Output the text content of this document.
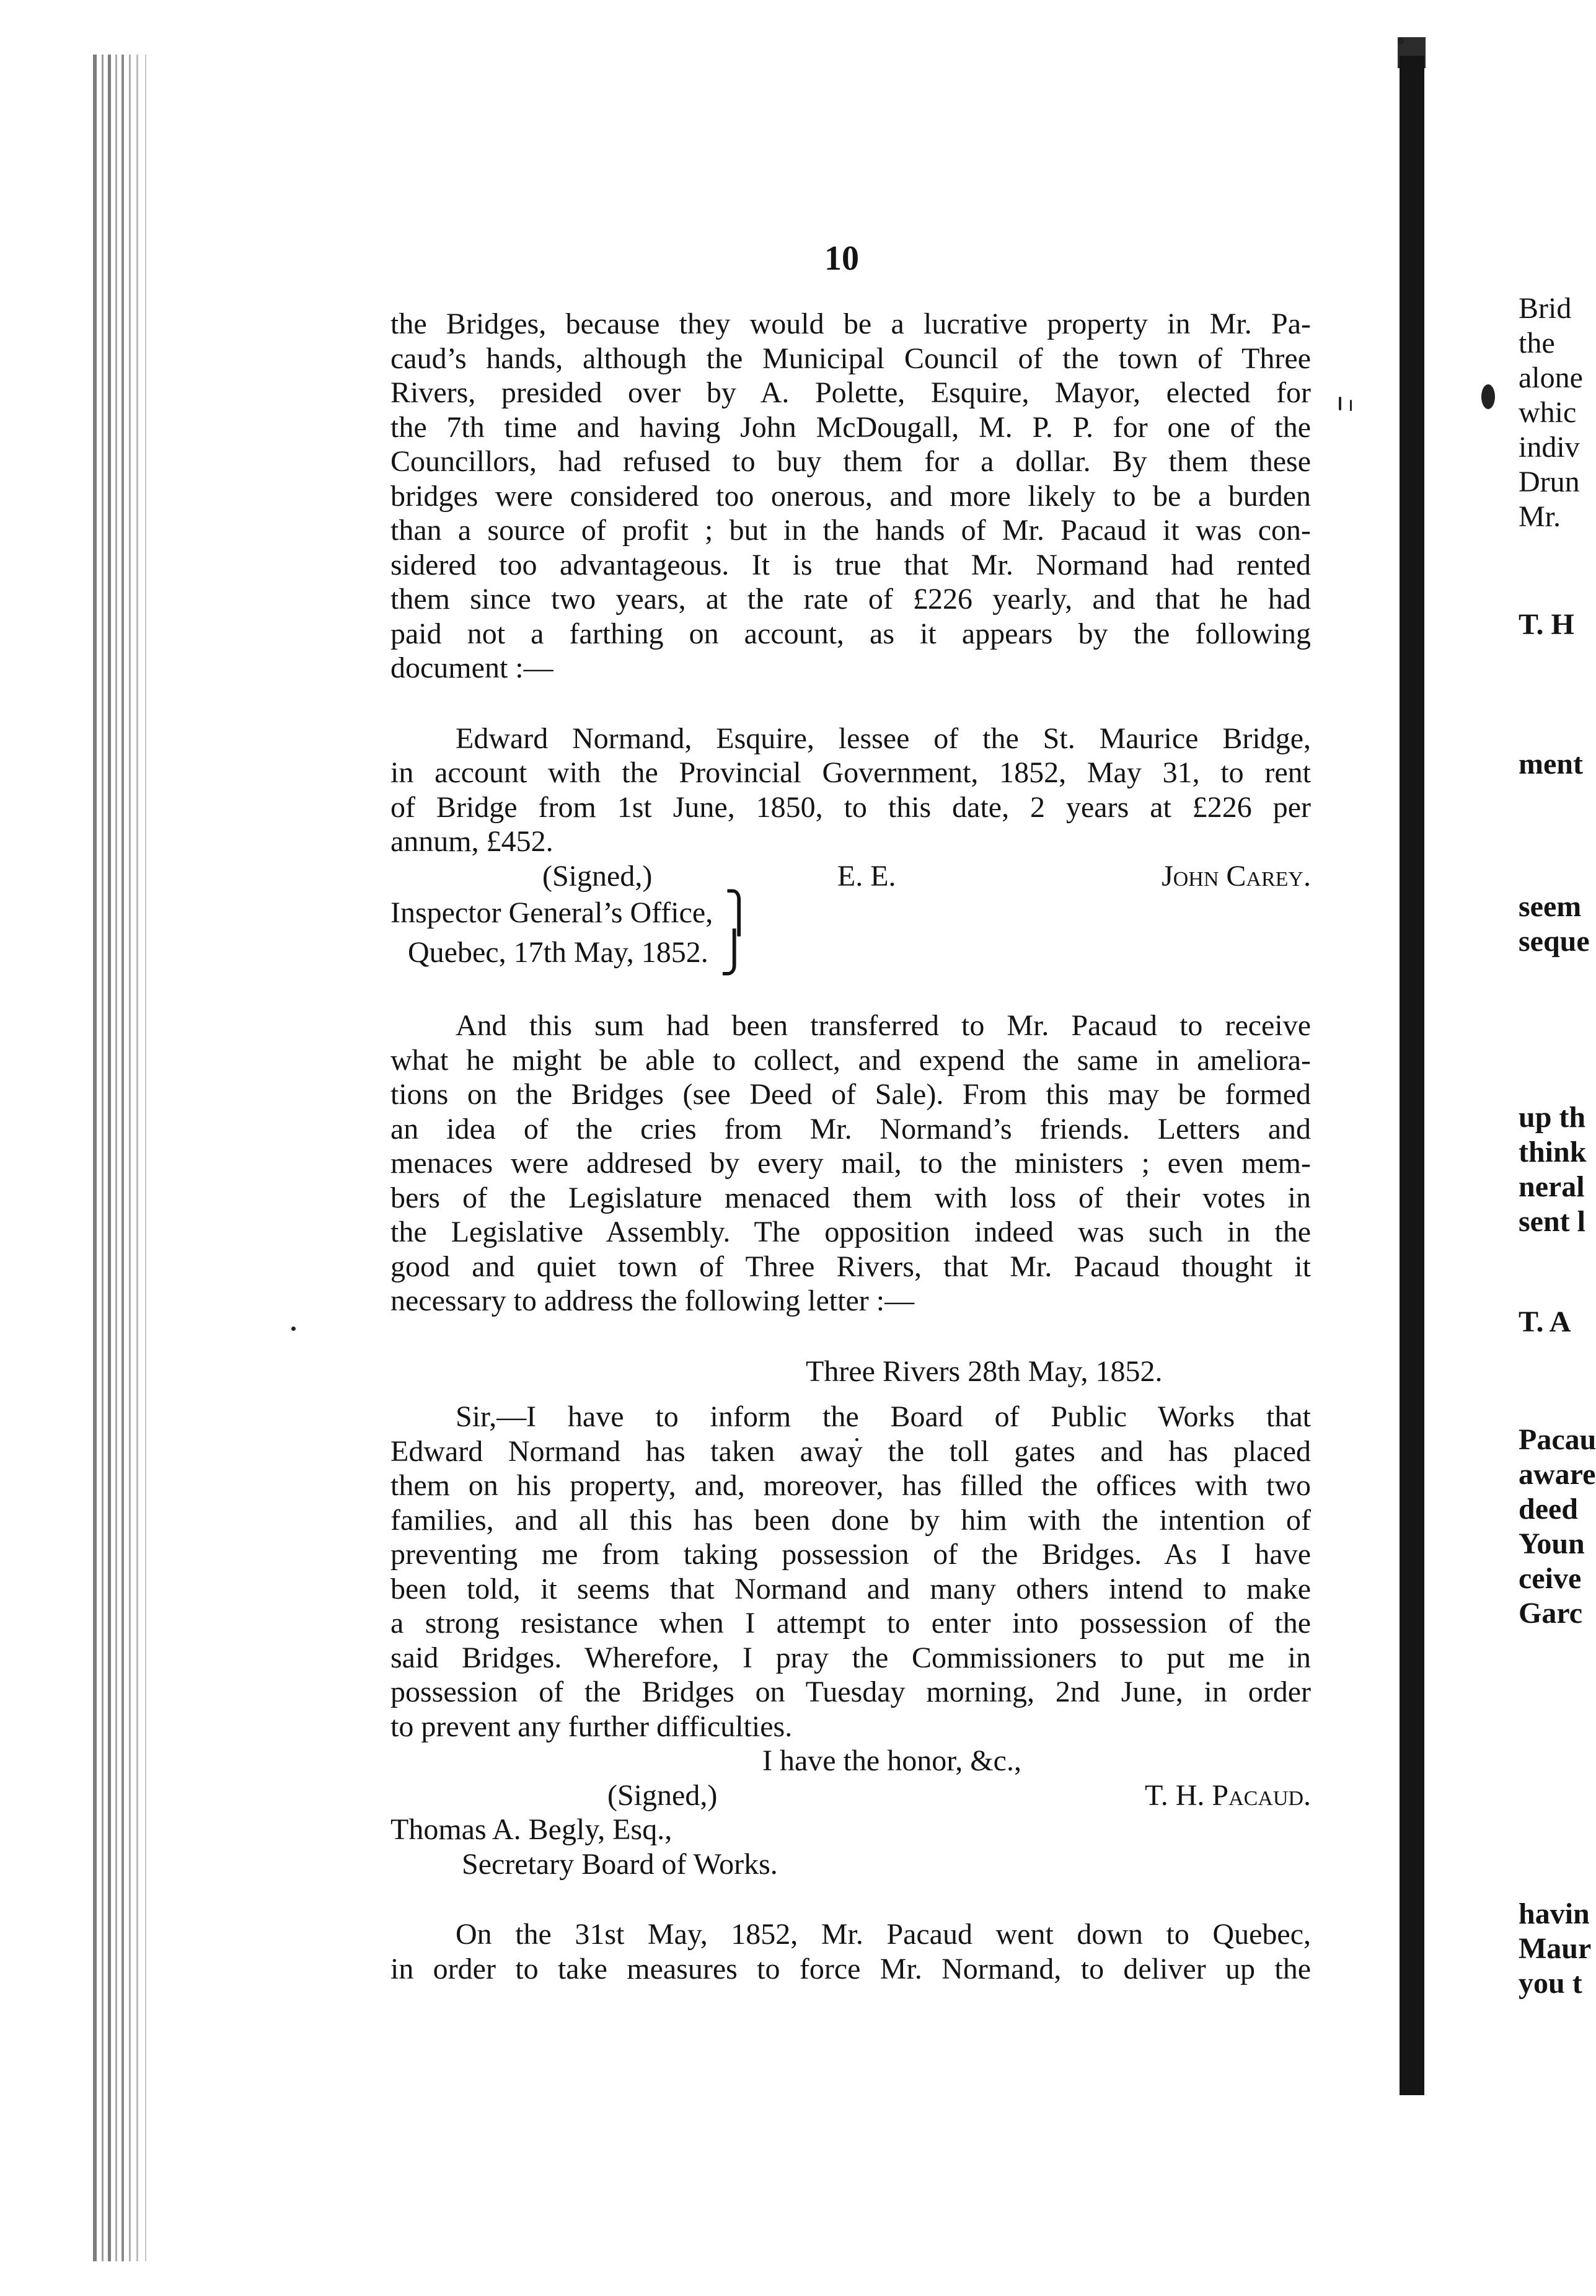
10
the Bridges, because they would be a lucrative property in Mr. Pa-
caud’s hands, although the Municipal Council of the town of Three
Rivers, presided over by A. Polette, Esquire, Mayor, elected for
the 7th time and having John McDougall, M. P. P. for one of the
Councillors, had refused to buy them for a dollar. By them these
bridges were considered too onerous, and more likely to be a burden
than a source of profit ; but in the hands of Mr. Pacaud it was con-
sidered too advantageous. It is true that Mr. Normand had rented
them since two years, at the rate of £226 yearly, and that he had
paid not a farthing on account, as it appears by the following
document :—
Edward Normand, Esquire, lessee of the St. Maurice Bridge,
in account with the Provincial Government, 1852, May 31, to rent
of Bridge from 1st June, 1850, to this date, 2 years at £226 per
annum, £452.
(Signed,)	E. E.	John Carey.
Inspector General’s Office, ⎫
Quebec, 17th May, 1852. ⎭
And this sum had been transferred to Mr. Pacaud to receive
what he might be able to collect, and expend the same in ameliora-
tions on the Bridges (see Deed of Sale). From this may be formed
an idea of the cries from Mr. Normand’s friends. Letters and
menaces were addresed by every mail, to the ministers ; even mem-
bers of the Legislature menaced them with loss of their votes in
the Legislative Assembly. The opposition indeed was such in the
good and quiet town of Three Rivers, that Mr. Pacaud thought it
necessary to address the following letter :—
Three Rivers 28th May, 1852.
Sir,—I have to inform the Board of Public Works that
Edward Normand has taken away the toll gates and has placed
them on his property, and, moreover, has filled the offices with two
families, and all this has been done by him with the intention of
preventing me from taking possession of the Bridges. As I have
been told, it seems that Normand and many others intend to make
a strong resistance when I attempt to enter into possession of the
said Bridges. Wherefore, I pray the Commissioners to put me in
possession of the Bridges on Tuesday morning, 2nd June, in order
to prevent any further difficulties.
I have the honor, &c.,
(Signed,)	T. H. Pacaud.
Thomas A. Begly, Esq.,
Secretary Board of Works.
On the 31st May, 1852, Mr. Pacaud went down to Quebec,
in order to take measures to force Mr. Normand, to deliver up the
Brid
the
alone
whic
indiv
Drun
Mr.
T. H
ment
seem
seque
up th
think
neral
sent l
T. A
Pacau
aware
deed
Youn
ceive
Garc
havin
Maur
you t
